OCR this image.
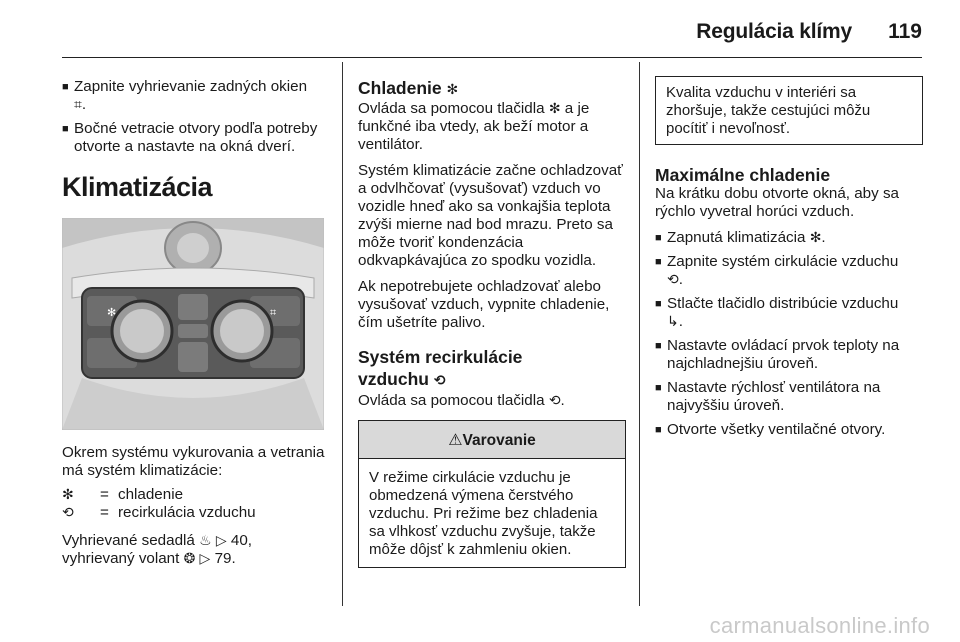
Regulácia klímy 119
■ Zapnite vyhrievanie zadných okien
⌗.
■ Bočné vetracie otvory podľa potreby otvorte a nastavte na okná dverí.
Klimatizácia
✻	⌗
Okrem systému vykurovania a vetrania má systém klimatizácie:
✻	= chladenie
⟲	= recirkulácia vzduchu
Vyhrievané sedadlá ♨ ▷ 40,
vyhrievaný volant ❂ ▷ 79.
Chladenie ✻
Ovláda sa pomocou tlačidla ✻ a je funkčné iba vtedy, ak beží motor a ventilátor.
Systém klimatizácie začne ochladzovať a odvlhčovať (vysušovať) vzduch vo vozidle hneď ako sa vonkajšia teplota zvýši mierne nad bod mrazu. Preto sa môže tvoriť kondenzácia odkvapkávajúca zo spodku vozidla.
Ak nepotrebujete ochladzovať alebo vysušovať vzduch, vypnite chladenie, čím ušetríte palivo.
Systém recirkulácie
vzduchu ⟲
Ovláda sa pomocou tlačidla ⟲.
⚠Varovanie
V režime cirkulácie vzduchu je obmedzená výmena čerstvého vzduchu. Pri režime bez chladenia sa vlhkosť vzduchu zvyšuje, takže môže dôjsť k zahmleniu okien.
Kvalita vzduchu v interiéri sa zhoršuje, takže cestujúci môžu pocítiť i nevoľnosť.
Maximálne chladenie
Na krátku dobu otvorte okná, aby sa rýchlo vyvetral horúci vzduch.
■ Zapnutá klimatizácia ✻.
■ Zapnite systém cirkulácie vzduchu
⟲.
■ Stlačte tlačidlo distribúcie vzduchu
↳.
■ Nastavte ovládací prvok teploty na najchladnejšiu úroveň.
■ Nastavte rýchlosť ventilátora na najvyššiu úroveň.
■ Otvorte všetky ventilačné otvory.
carmanualsonline.info
